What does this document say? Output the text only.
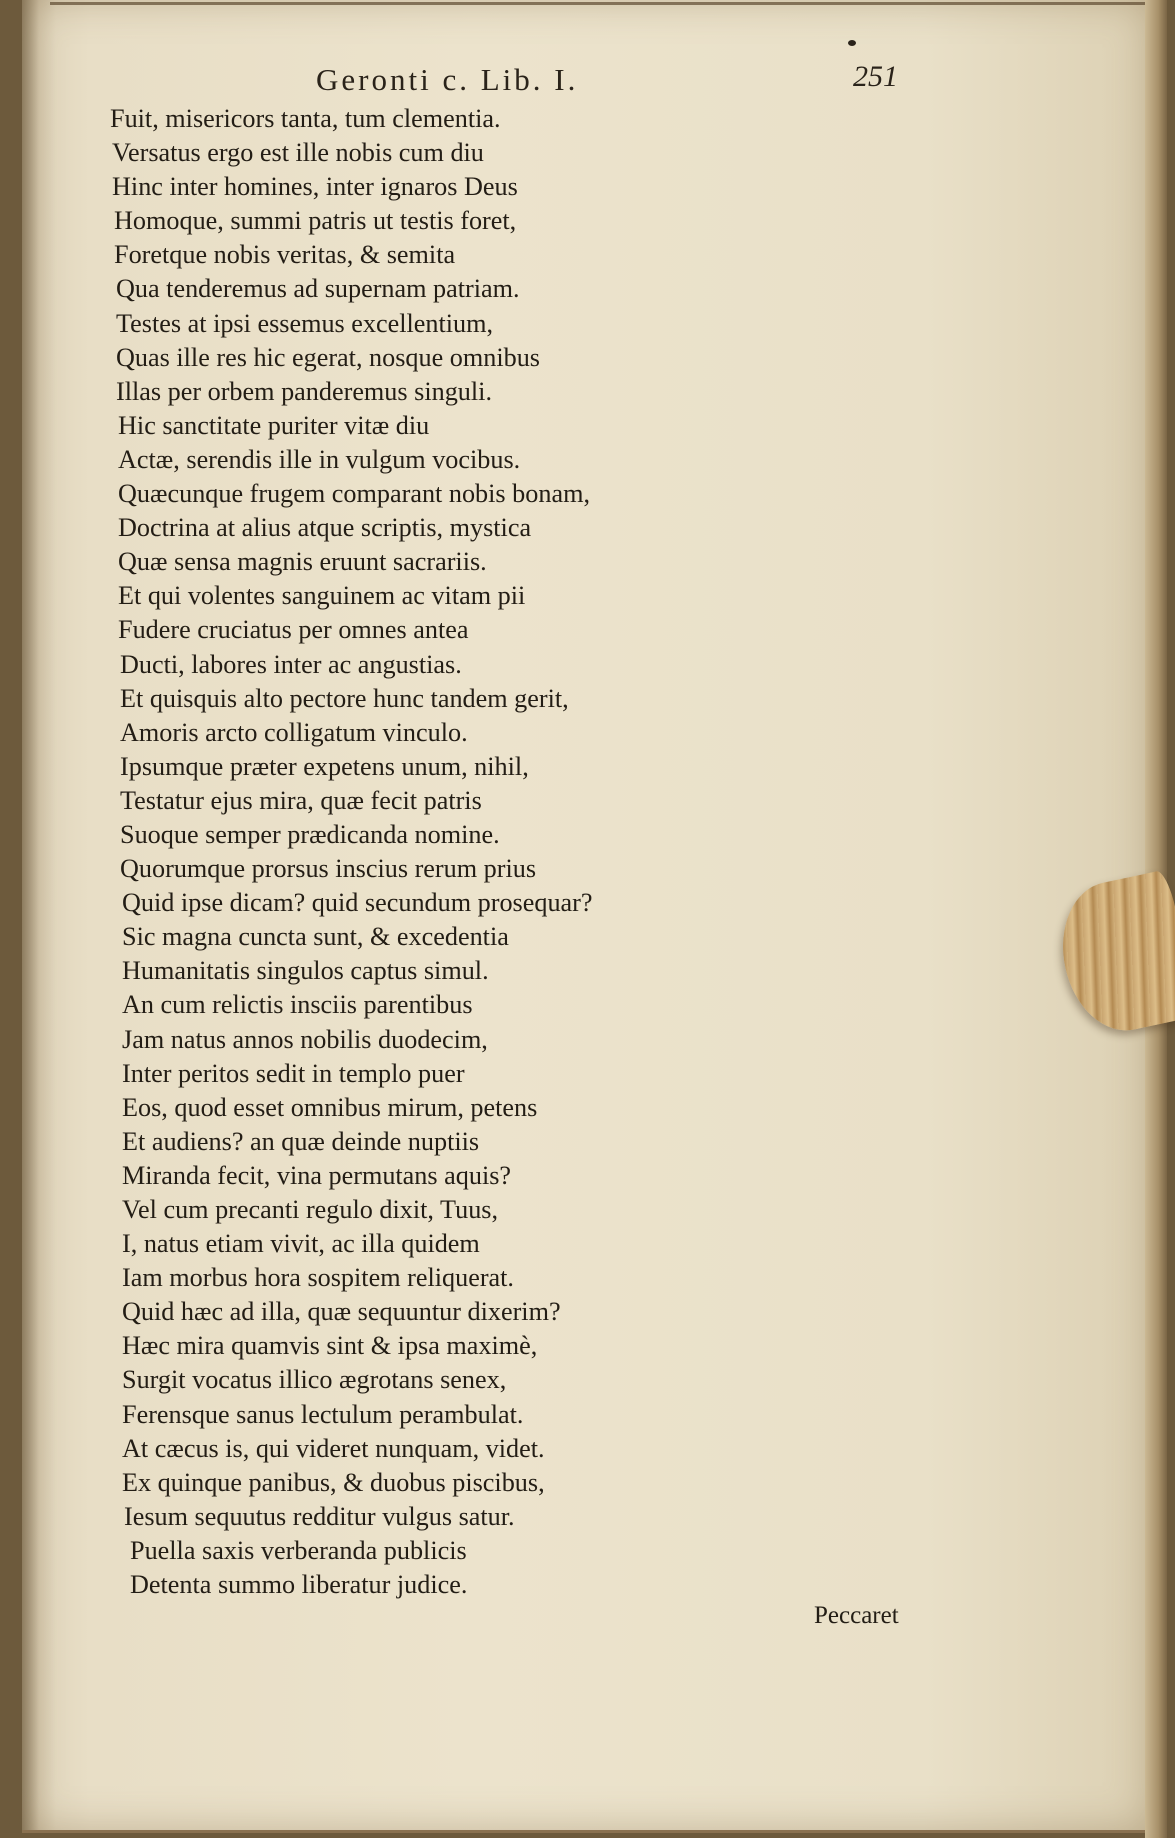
Geronti c. Lib. I.	251
Fuit, misericors tanta, tum clementia.
Versatus ergo est ille nobis cum diu
Hinc inter homines, inter ignaros Deus
Homoque, summi patris ut testis foret,
Foretque nobis veritas, & semita
Qua tenderemus ad supernam patriam.
Testes at ipsi essemus excellentium,
Quas ille res hic egerat, nosque omnibus
Illas per orbem panderemus singuli.
Hic sanctitate puriter vitæ diu
Actæ, serendis ille in vulgum vocibus.
Quæcunque frugem comparant nobis bonam,
Doctrina at alius atque scriptis, mystica
Quæ sensa magnis eruunt sacrariis.
Et qui volentes sanguinem ac vitam pii
Fudere cruciatus per omnes antea
Ducti, labores inter ac angustias.
Et quisquis alto pectore hunc tandem gerit,
Amoris arcto colligatum vinculo.
Ipsumque præter expetens unum, nihil,
Testatur ejus mira, quæ fecit patris
Suoque semper prædicanda nomine.
Quorumque prorsus inscius rerum prius
Quid ipse dicam? quid secundum prosequar?
Sic magna cuncta sunt, & excedentia
Humanitatis singulos captus simul.
An cum relictis insciis parentibus
Jam natus annos nobilis duodecim,
Inter peritos sedit in templo puer
Eos, quod esset omnibus mirum, petens
Et audiens? an quæ deinde nuptiis
Miranda fecit, vina permutans aquis?
Vel cum precanti regulo dixit, Tuus,
I, natus etiam vivit, ac illa quidem
Iam morbus hora sospitem reliquerat.
Quid hæc ad illa, quæ sequuntur dixerim?
Hæc mira quamvis sint & ipsa maximè,
Surgit vocatus illico ægrotans senex,
Ferensque sanus lectulum perambulat.
At cæcus is, qui videret nunquam, videt.
Ex quinque panibus, & duobus piscibus,
Iesum sequutus redditur vulgus satur.
Puella saxis verberanda publicis
Detenta summo liberatur judice.
Peccaret
